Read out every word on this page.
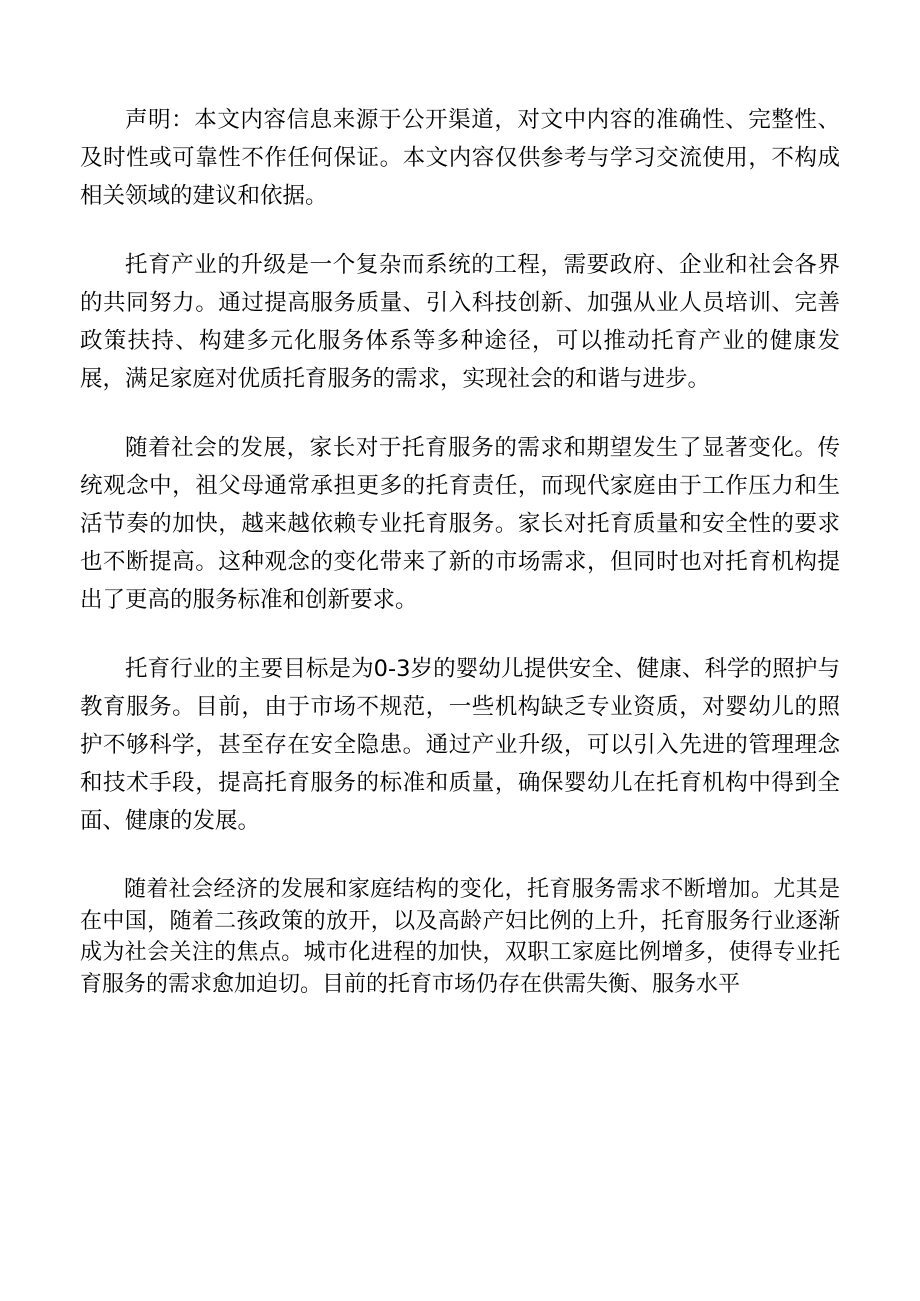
声明：本文内容信息来源于公开渠道，对文中内容的准确性、完整性、及时性或可靠性不作任何保证。本文内容仅供参考与学习交流使用，不构成相关领域的建议和依据。

托育产业的升级是一个复杂而系统的工程，需要政府、企业和社会各界的共同努力。通过提高服务质量、引入科技创新、加强从业人员培训、完善政策扶持、构建多元化服务体系等多种途径，可以推动托育产业的健康发展，满足家庭对优质托育服务的需求，实现社会的和谐与进步。

随着社会的发展，家长对于托育服务的需求和期望发生了显著变化。传统观念中，祖父母通常承担更多的托育责任，而现代家庭由于工作压力和生活节奏的加快，越来越依赖专业托育服务。家长对托育质量和安全性的要求也不断提高。这种观念的变化带来了新的市场需求，但同时也对托育机构提出了更高的服务标准和创新要求。

托育行业的主要目标是为0-3岁的婴幼儿提供安全、健康、科学的照护与教育服务。目前，由于市场不规范，一些机构缺乏专业资质，对婴幼儿的照护不够科学，甚至存在安全隐患。通过产业升级，可以引入先进的管理理念和技术手段，提高托育服务的标准和质量，确保婴幼儿在托育机构中得到全面、健康的发展。

随着社会经济的发展和家庭结构的变化，托育服务需求不断增加。尤其是在中国，随着二孩政策的放开，以及高龄产妇比例的上升，托育服务行业逐渐成为社会关注的焦点。城市化进程的加快，双职工家庭比例增多，使得专业托育服务的需求愈加迫切。目前的托育市场仍存在供需失衡、服务水平
